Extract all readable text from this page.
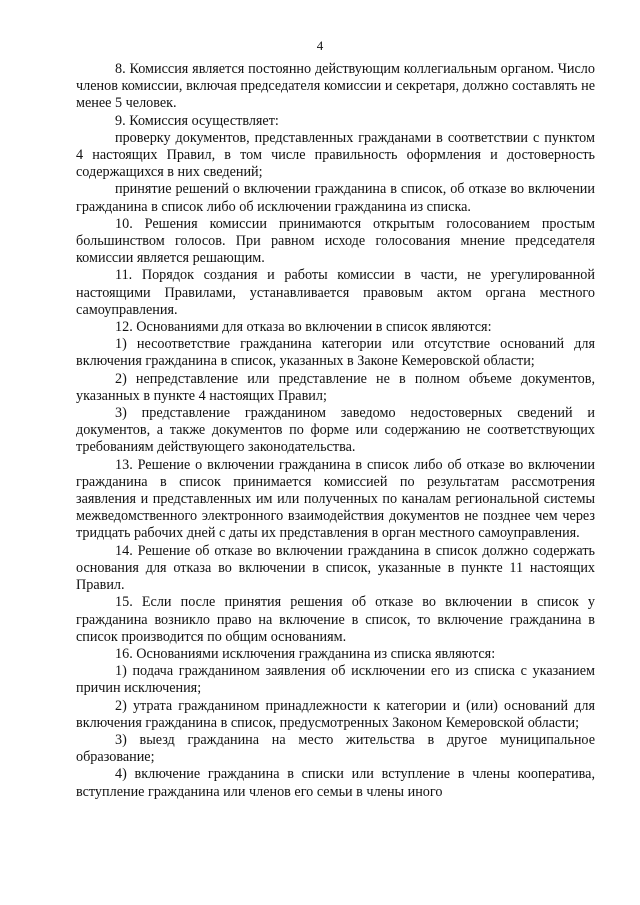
4

8. Комиссия является постоянно действующим коллегиальным органом. Число членов комиссии, включая председателя комиссии и секретаря, должно составлять не менее 5 человек.

9. Комиссия осуществляет:

проверку документов, представленных гражданами в соответствии с пунктом 4 настоящих Правил, в том числе правильность оформления и достоверность содержащихся в них сведений;

принятие решений о включении гражданина в список, об отказе во включении гражданина в список либо об исключении гражданина из списка.

10. Решения комиссии принимаются открытым голосованием простым большинством голосов. При равном исходе голосования мнение председателя комиссии является решающим.

11. Порядок создания и работы комиссии в части, не урегулированной настоящими Правилами, устанавливается правовым актом органа местного самоуправления.

12. Основаниями для отказа во включении в список являются:

1) несоответствие гражданина категории или отсутствие оснований для включения гражданина в список, указанных в Законе Кемеровской области;

2) непредставление или представление не в полном объеме документов, указанных в пункте 4 настоящих Правил;

3) представление гражданином заведомо недостоверных сведений и документов, а также документов по форме или содержанию не соответствующих требованиям действующего законодательства.

13. Решение о включении гражданина в список либо об отказе во включении гражданина в список принимается комиссией по результатам рассмотрения заявления и представленных им или полученных по каналам региональной системы межведомственного электронного взаимодействия документов не позднее чем через тридцать рабочих дней с даты их представления в орган местного самоуправления.

14. Решение об отказе во включении гражданина в список должно содержать основания для отказа во включении в список, указанные в пункте 11 настоящих Правил.

15. Если после принятия решения об отказе во включении в список у гражданина возникло право на включение в список, то включение гражданина в список производится по общим основаниям.

16. Основаниями исключения гражданина из списка являются:

1) подача гражданином заявления об исключении его из списка с указанием причин исключения;

2) утрата гражданином принадлежности к категории и (или) оснований для включения гражданина в список, предусмотренных Законом Кемеровской области;

3) выезд гражданина на место жительства в другое муниципальное образование;

4) включение гражданина в списки или вступление в члены кооператива, вступление гражданина или членов его семьи в члены иного
